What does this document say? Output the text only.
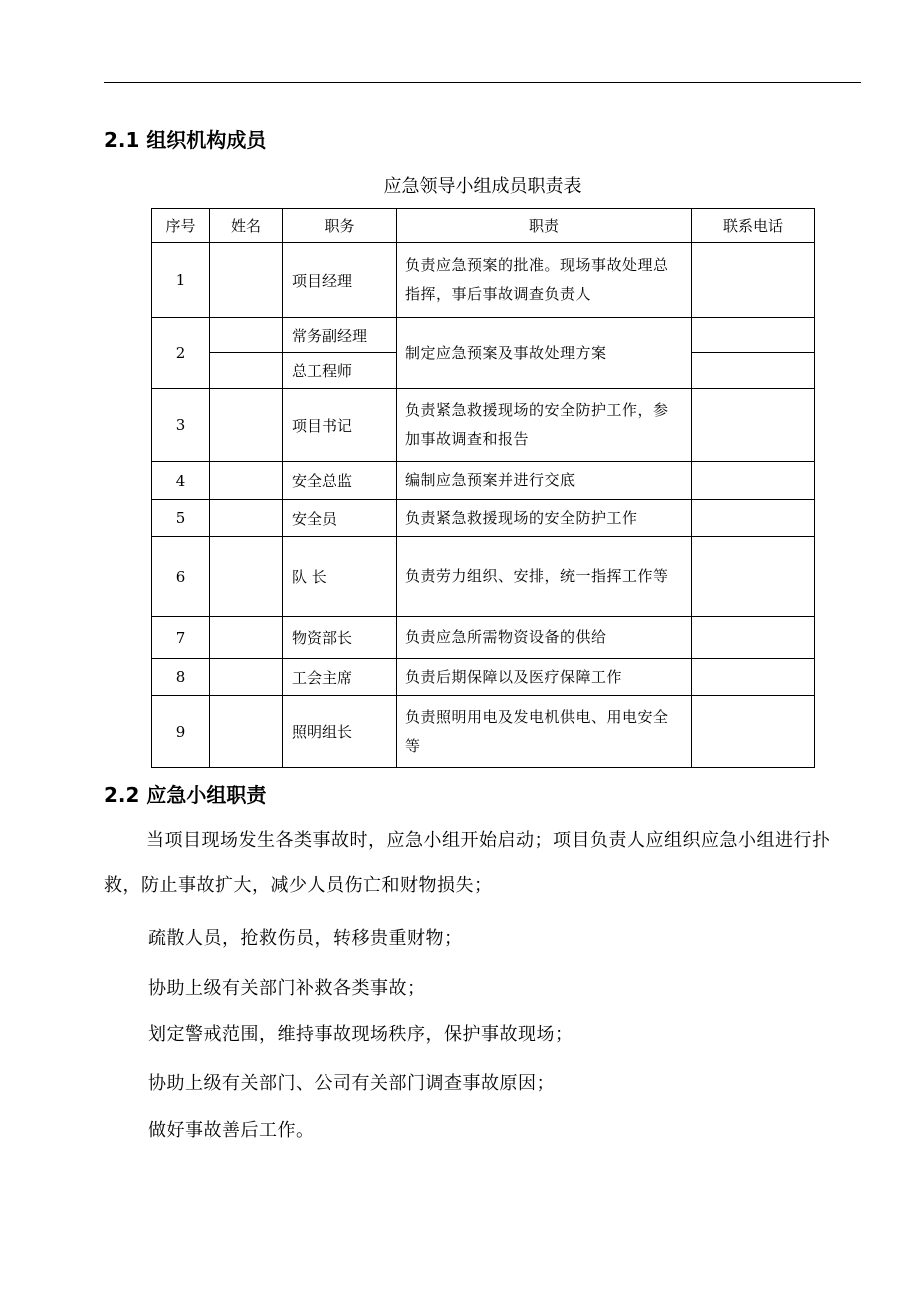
2.1 组织机构成员
应急领导小组成员职责表
序号	姓名	职务	职责	联系电话
1		项目经理	负责应急预案的批准。现场事故处理总指挥，事后事故调查负责人	
2		常务副经理	制定应急预案及事故处理方案	
		总工程师		
3		项目书记	负责紧急救援现场的安全防护工作，参加事故调查和报告	
4		安全总监	编制应急预案并进行交底	
5		安全员	负责紧急救援现场的安全防护工作	
6		队 长	负责劳力组织、安排，统一指挥工作等	
7		物资部长	负责应急所需物资设备的供给	
8		工会主席	负责后期保障以及医疗保障工作	
9		照明组长	负责照明用电及发电机供电、用电安全等	
2.2 应急小组职责
当项目现场发生各类事故时，应急小组开始启动；项目负责人应组织应急小组进行扑救，防止事故扩大，减少人员伤亡和财物损失；
疏散人员，抢救伤员，转移贵重财物；
协助上级有关部门补救各类事故；
划定警戒范围，维持事故现场秩序，保护事故现场；
协助上级有关部门、公司有关部门调查事故原因；
做好事故善后工作。
